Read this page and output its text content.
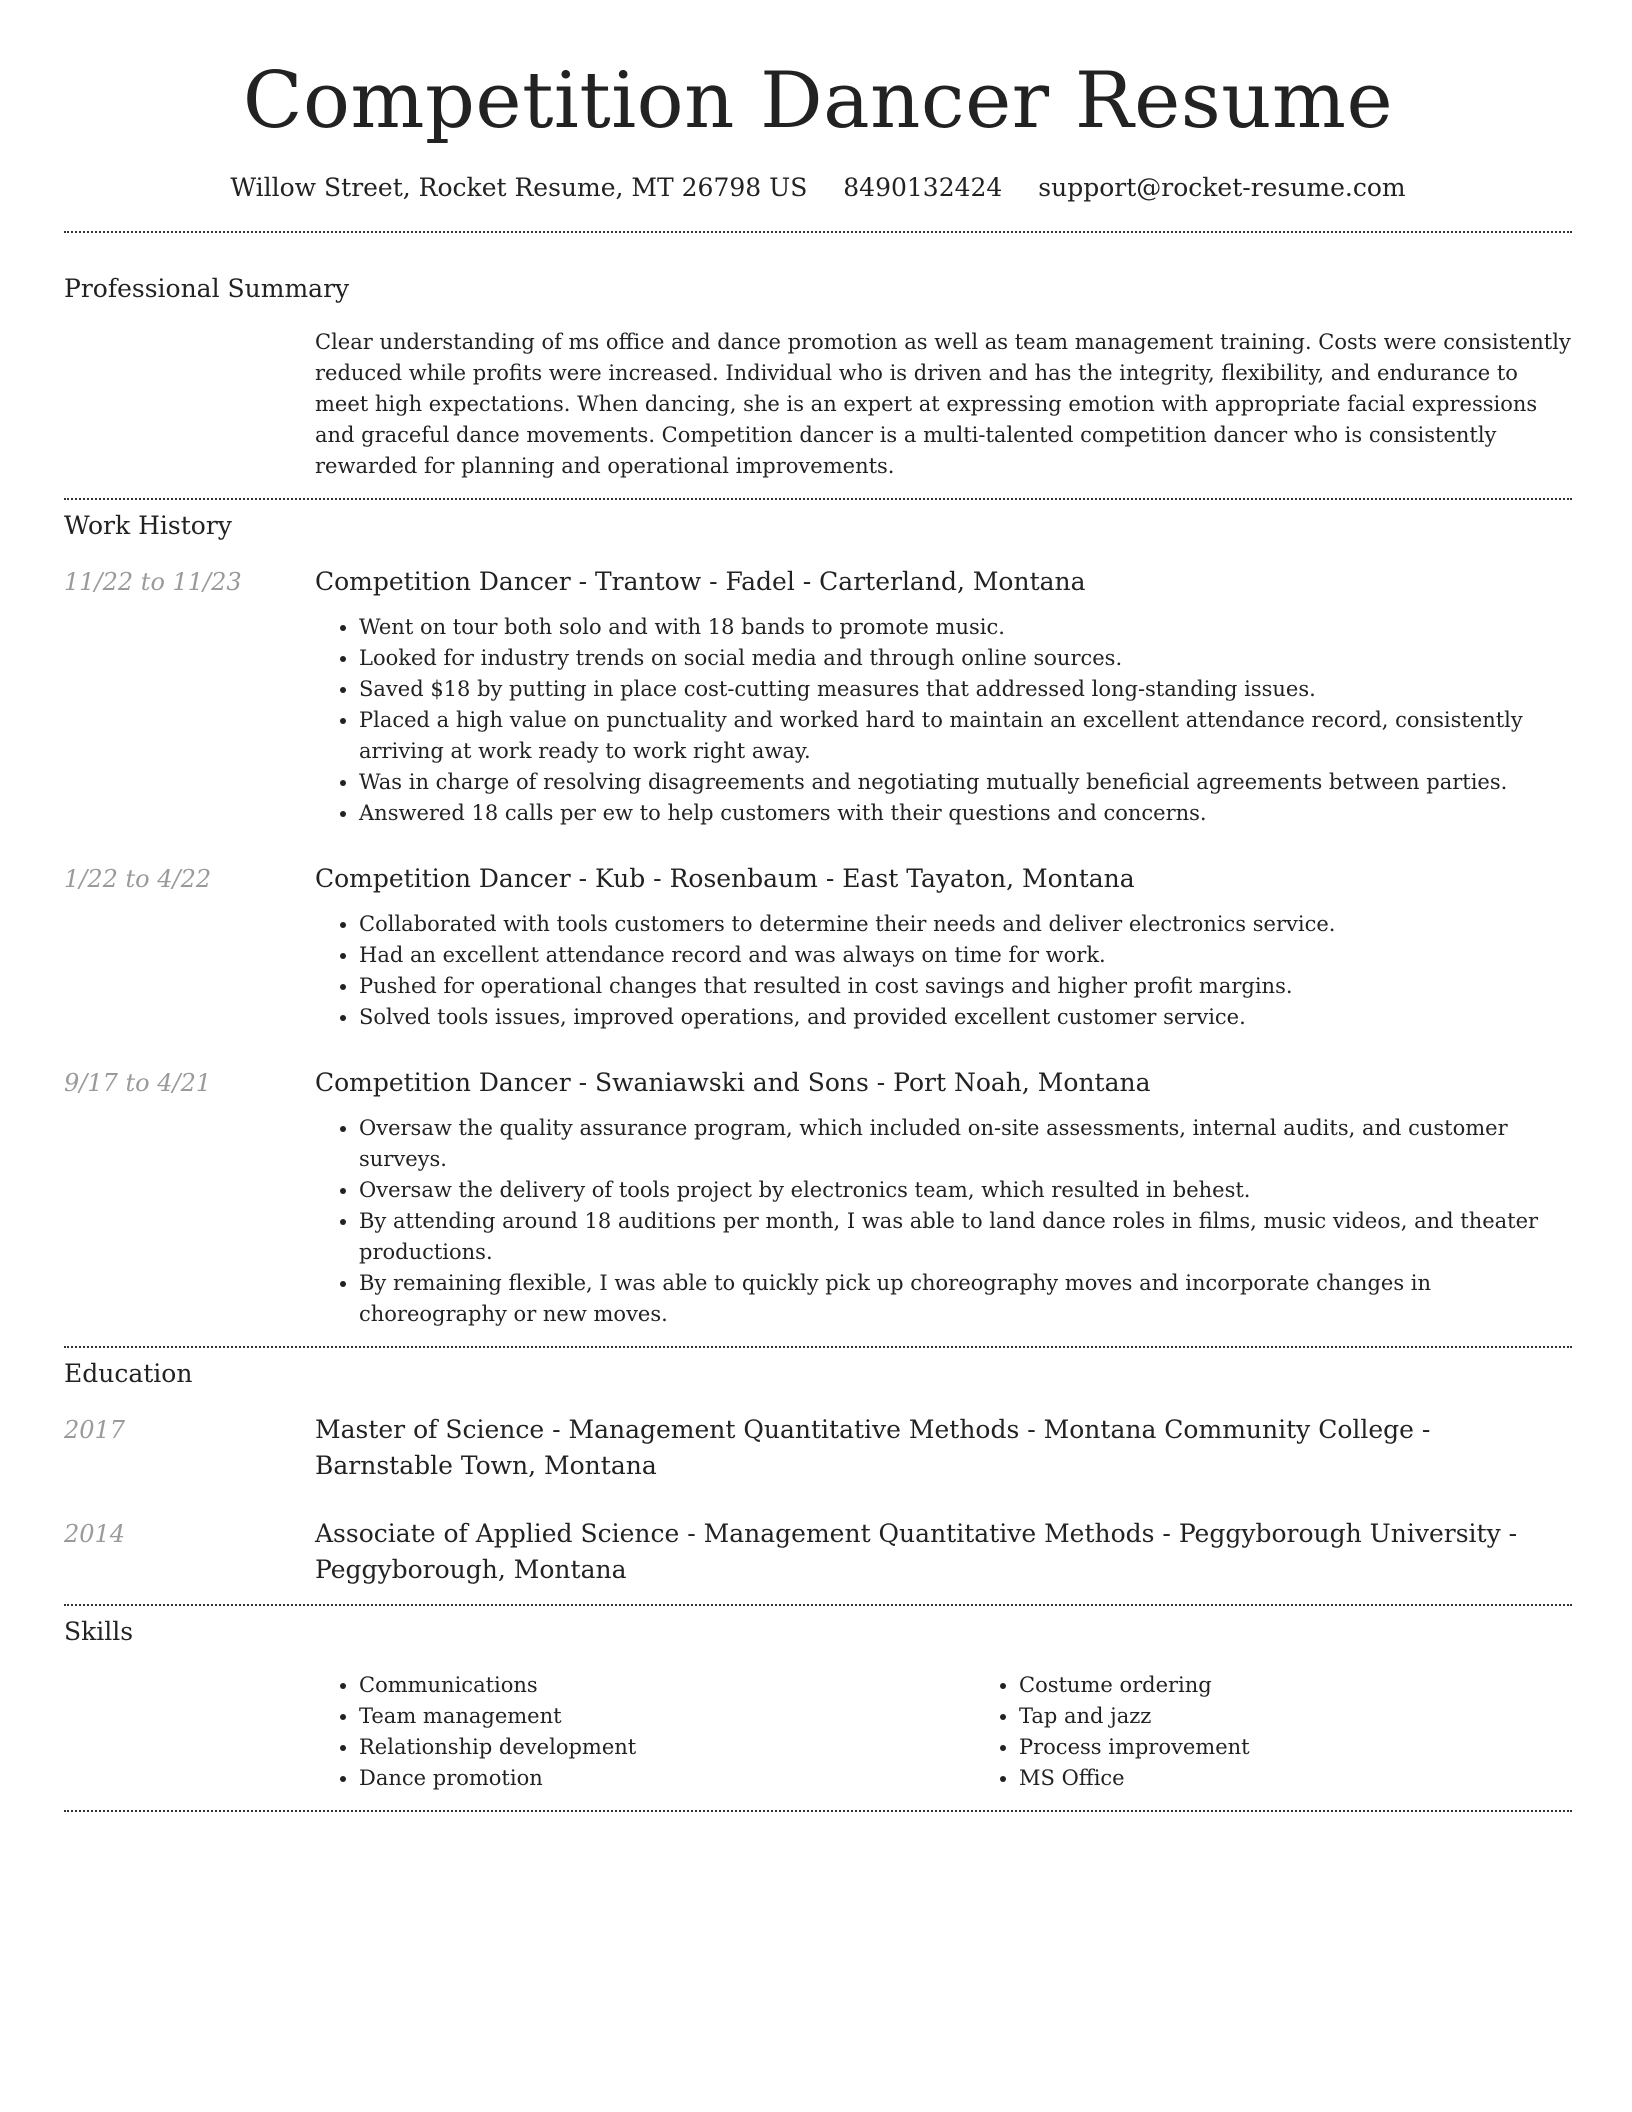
Competition Dancer Resume
Willow Street, Rocket Resume, MT 26798 US 8490132424 support@rocket-resume.com
Professional Summary

Clear understanding of ms office and dance promotion as well as team management training. Costs were consistently reduced while profits were increased. Individual who is driven and has the integrity, flexibility, and endurance to meet high expectations. When dancing, she is an expert at expressing emotion with appropriate facial expressions and graceful dance movements. Competition dancer is a multi-talented competition dancer who is consistently rewarded for planning and operational improvements.

Work History
11/22 to 11/23	Competition Dancer - Trantow - Fadel - Carterland, Montana
• Went on tour both solo and with 18 bands to promote music.
• Looked for industry trends on social media and through online sources.
• Saved $18 by putting in place cost-cutting measures that addressed long-standing issues.
• Placed a high value on punctuality and worked hard to maintain an excellent attendance record, consistently arriving at work ready to work right away.
• Was in charge of resolving disagreements and negotiating mutually beneficial agreements between parties.
• Answered 18 calls per ew to help customers with their questions and concerns.
1/22 to 4/22	Competition Dancer - Kub - Rosenbaum - East Tayaton, Montana
• Collaborated with tools customers to determine their needs and deliver electronics service.
• Had an excellent attendance record and was always on time for work.
• Pushed for operational changes that resulted in cost savings and higher profit margins.
• Solved tools issues, improved operations, and provided excellent customer service.
9/17 to 4/21	Competition Dancer - Swaniawski and Sons - Port Noah, Montana
• Oversaw the quality assurance program, which included on-site assessments, internal audits, and customer surveys.
• Oversaw the delivery of tools project by electronics team, which resulted in behest.
• By attending around 18 auditions per month, I was able to land dance roles in films, music videos, and theater productions.
• By remaining flexible, I was able to quickly pick up choreography moves and incorporate changes in choreography or new moves.
Education
2017	Master of Science - Management Quantitative Methods - Montana Community College - Barnstable Town, Montana
2014	Associate of Applied Science - Management Quantitative Methods - Peggyborough University - Peggyborough, Montana
Skills
• Communications
• Team management
• Relationship development
• Dance promotion
• Costume ordering
• Tap and jazz
• Process improvement
• MS Office
